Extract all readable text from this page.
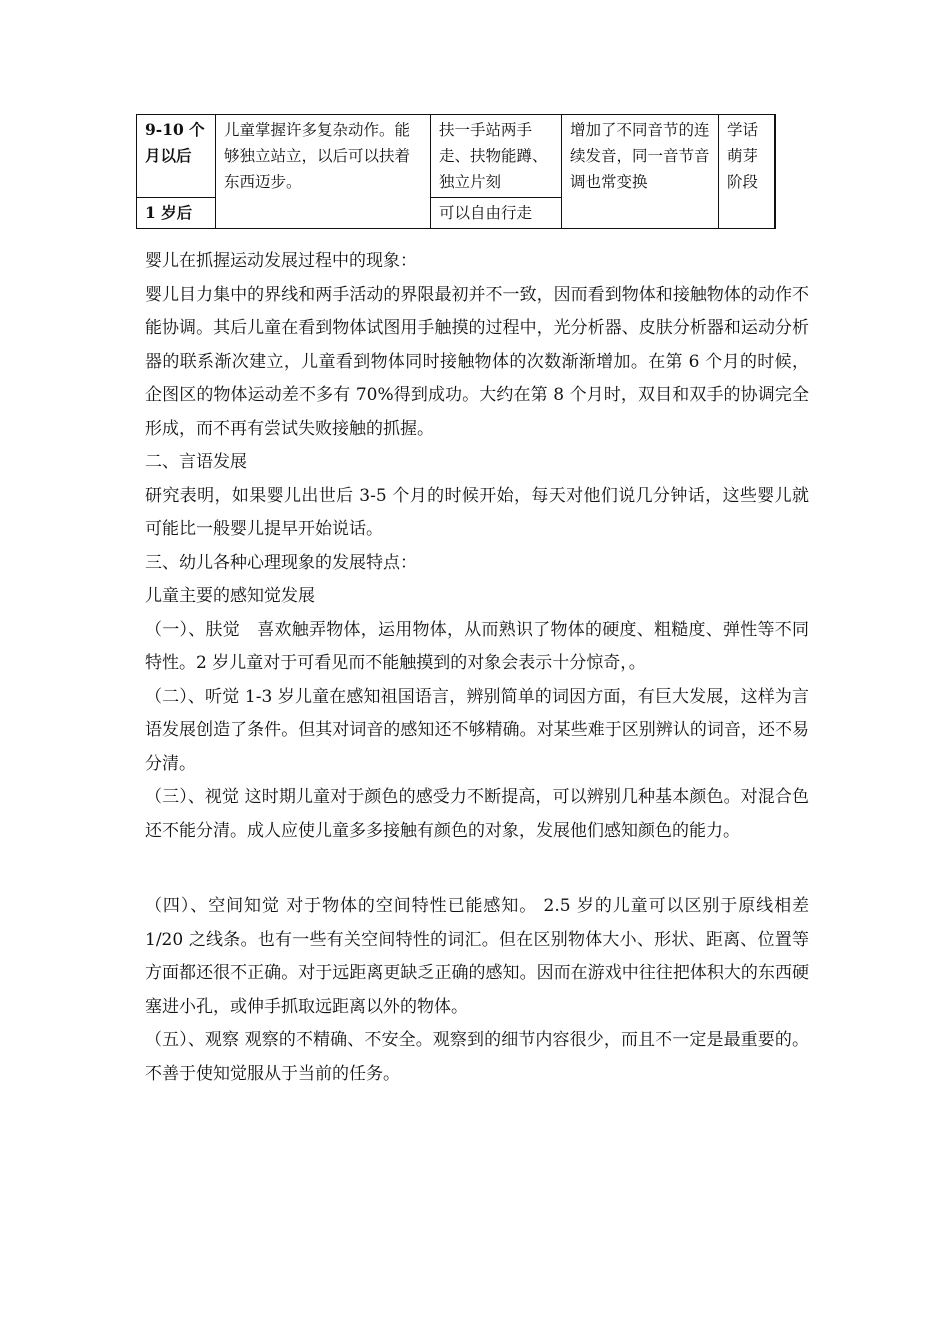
9-10 个月以后	儿童掌握许多复杂动作。能够独立站立，以后可以扶着东西迈步。	扶一手站两手走、扶物能蹲、独立片刻	增加了不同音节的连续发音，同一音节音调也常变换	学话萌芽阶段
1 岁后		可以自由行走		

婴儿在抓握运动发展过程中的现象：

婴儿目力集中的界线和两手活动的界限最初并不一致，因而看到物体和接触物体的动作不能协调。其后儿童在看到物体试图用手触摸的过程中，光分析器、皮肤分析器和运动分析器的联系渐次建立，儿童看到物体同时接触物体的次数渐渐增加。在第 6 个月的时候，企图区的物体运动差不多有 70%得到成功。大约在第 8 个月时，双目和双手的协调完全形成，而不再有尝试失败接触的抓握。

二、言语发展

研究表明，如果婴儿出世后 3-5 个月的时候开始，每天对他们说几分钟话，这些婴儿就可能比一般婴儿提早开始说话。

三、幼儿各种心理现象的发展特点：

儿童主要的感知觉发展

（一）、肤觉　喜欢触弄物体，运用物体，从而熟识了物体的硬度、粗糙度、弹性等不同特性。2 岁儿童对于可看见而不能触摸到的对象会表示十分惊奇，。

（二）、听觉 1-3 岁儿童在感知祖国语言，辨别简单的词因方面，有巨大发展，这样为言语发展创造了条件。但其对词音的感知还不够精确。对某些难于区别辨认的词音，还不易分清。

（三）、视觉 这时期儿童对于颜色的感受力不断提高，可以辨别几种基本颜色。对混合色还不能分清。成人应使儿童多多接触有颜色的对象，发展他们感知颜色的能力。

（四）、空间知觉 对于物体的空间特性已能感知。 2.5 岁的儿童可以区别于原线相差 1/20 之线条。也有一些有关空间特性的词汇。但在区别物体大小、形状、距离、位置等方面都还很不正确。对于远距离更缺乏正确的感知。因而在游戏中往往把体积大的东西硬塞进小孔，或伸手抓取远距离以外的物体。

（五）、观察 观察的不精确、不安全。观察到的细节内容很少，而且不一定是最重要的。不善于使知觉服从于当前的任务。
